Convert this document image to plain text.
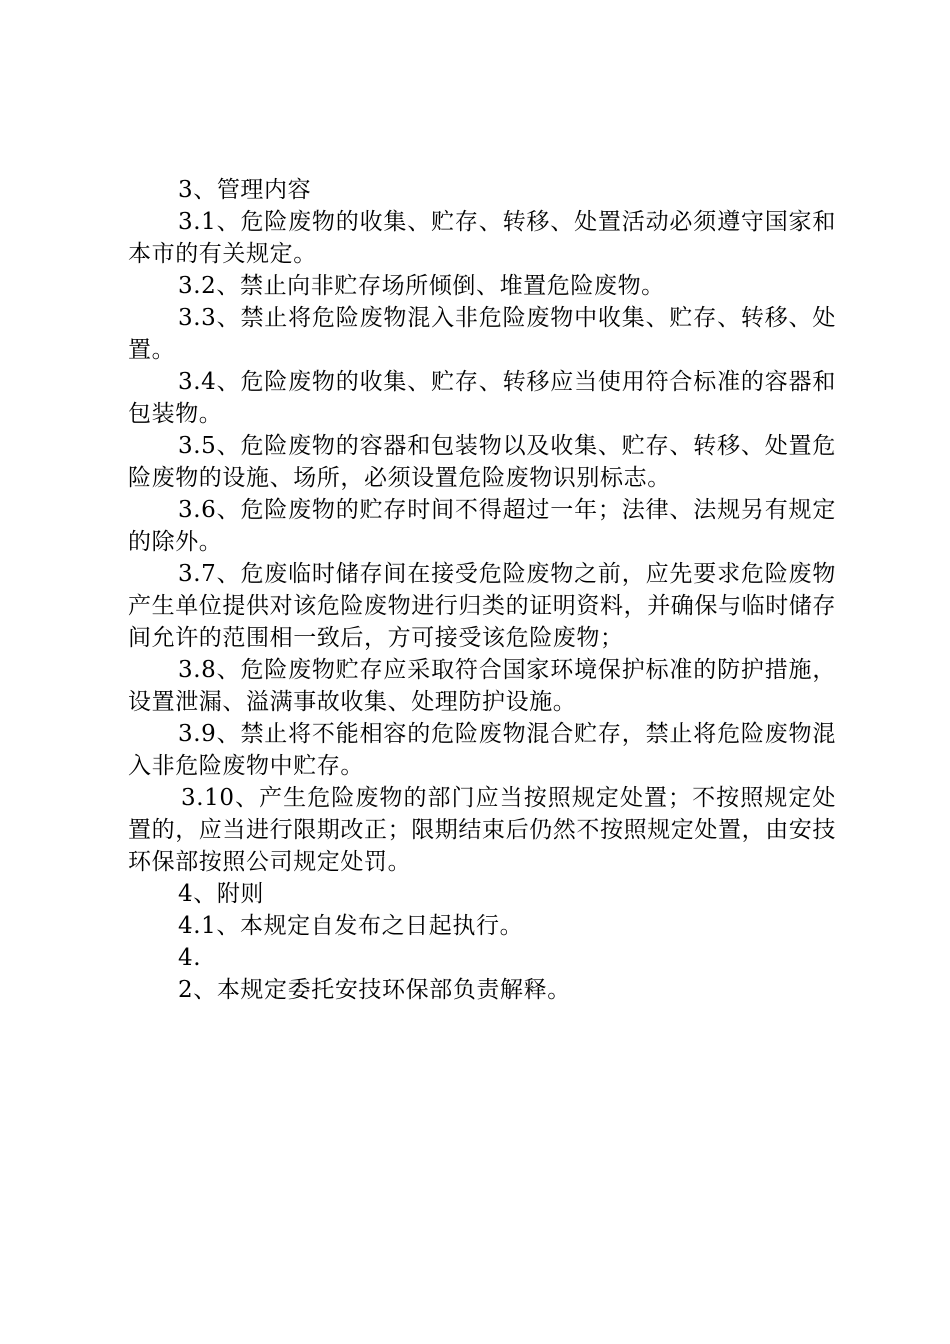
3、管理内容

3.1、危险废物的收集、贮存、转移、处置活动必须遵守国家和本市的有关规定。

3.2、禁止向非贮存场所倾倒、堆置危险废物。

3.3、禁止将危险废物混入非危险废物中收集、贮存、转移、处置。

3.4、危险废物的收集、贮存、转移应当使用符合标准的容器和包装物。

3.5、危险废物的容器和包装物以及收集、贮存、转移、处置危险废物的设施、场所，必须设置危险废物识别标志。

3.6、危险废物的贮存时间不得超过一年；法律、法规另有规定的除外。

3.7、危废临时储存间在接受危险废物之前，应先要求危险废物产生单位提供对该危险废物进行归类的证明资料，并确保与临时储存间允许的范围相一致后，方可接受该危险废物；

3.8、危险废物贮存应采取符合国家环境保护标准的防护措施，设置泄漏、溢满事故收集、处理防护设施。

3.9、禁止将不能相容的危险废物混合贮存，禁止将危险废物混入非危险废物中贮存。

3.10、产生危险废物的部门应当按照规定处置；不按照规定处置的，应当进行限期改正；限期结束后仍然不按照规定处置，由安技环保部按照公司规定处罚。

4、附则

4.1、本规定自发布之日起执行。

4.

2、本规定委托安技环保部负责解释。
